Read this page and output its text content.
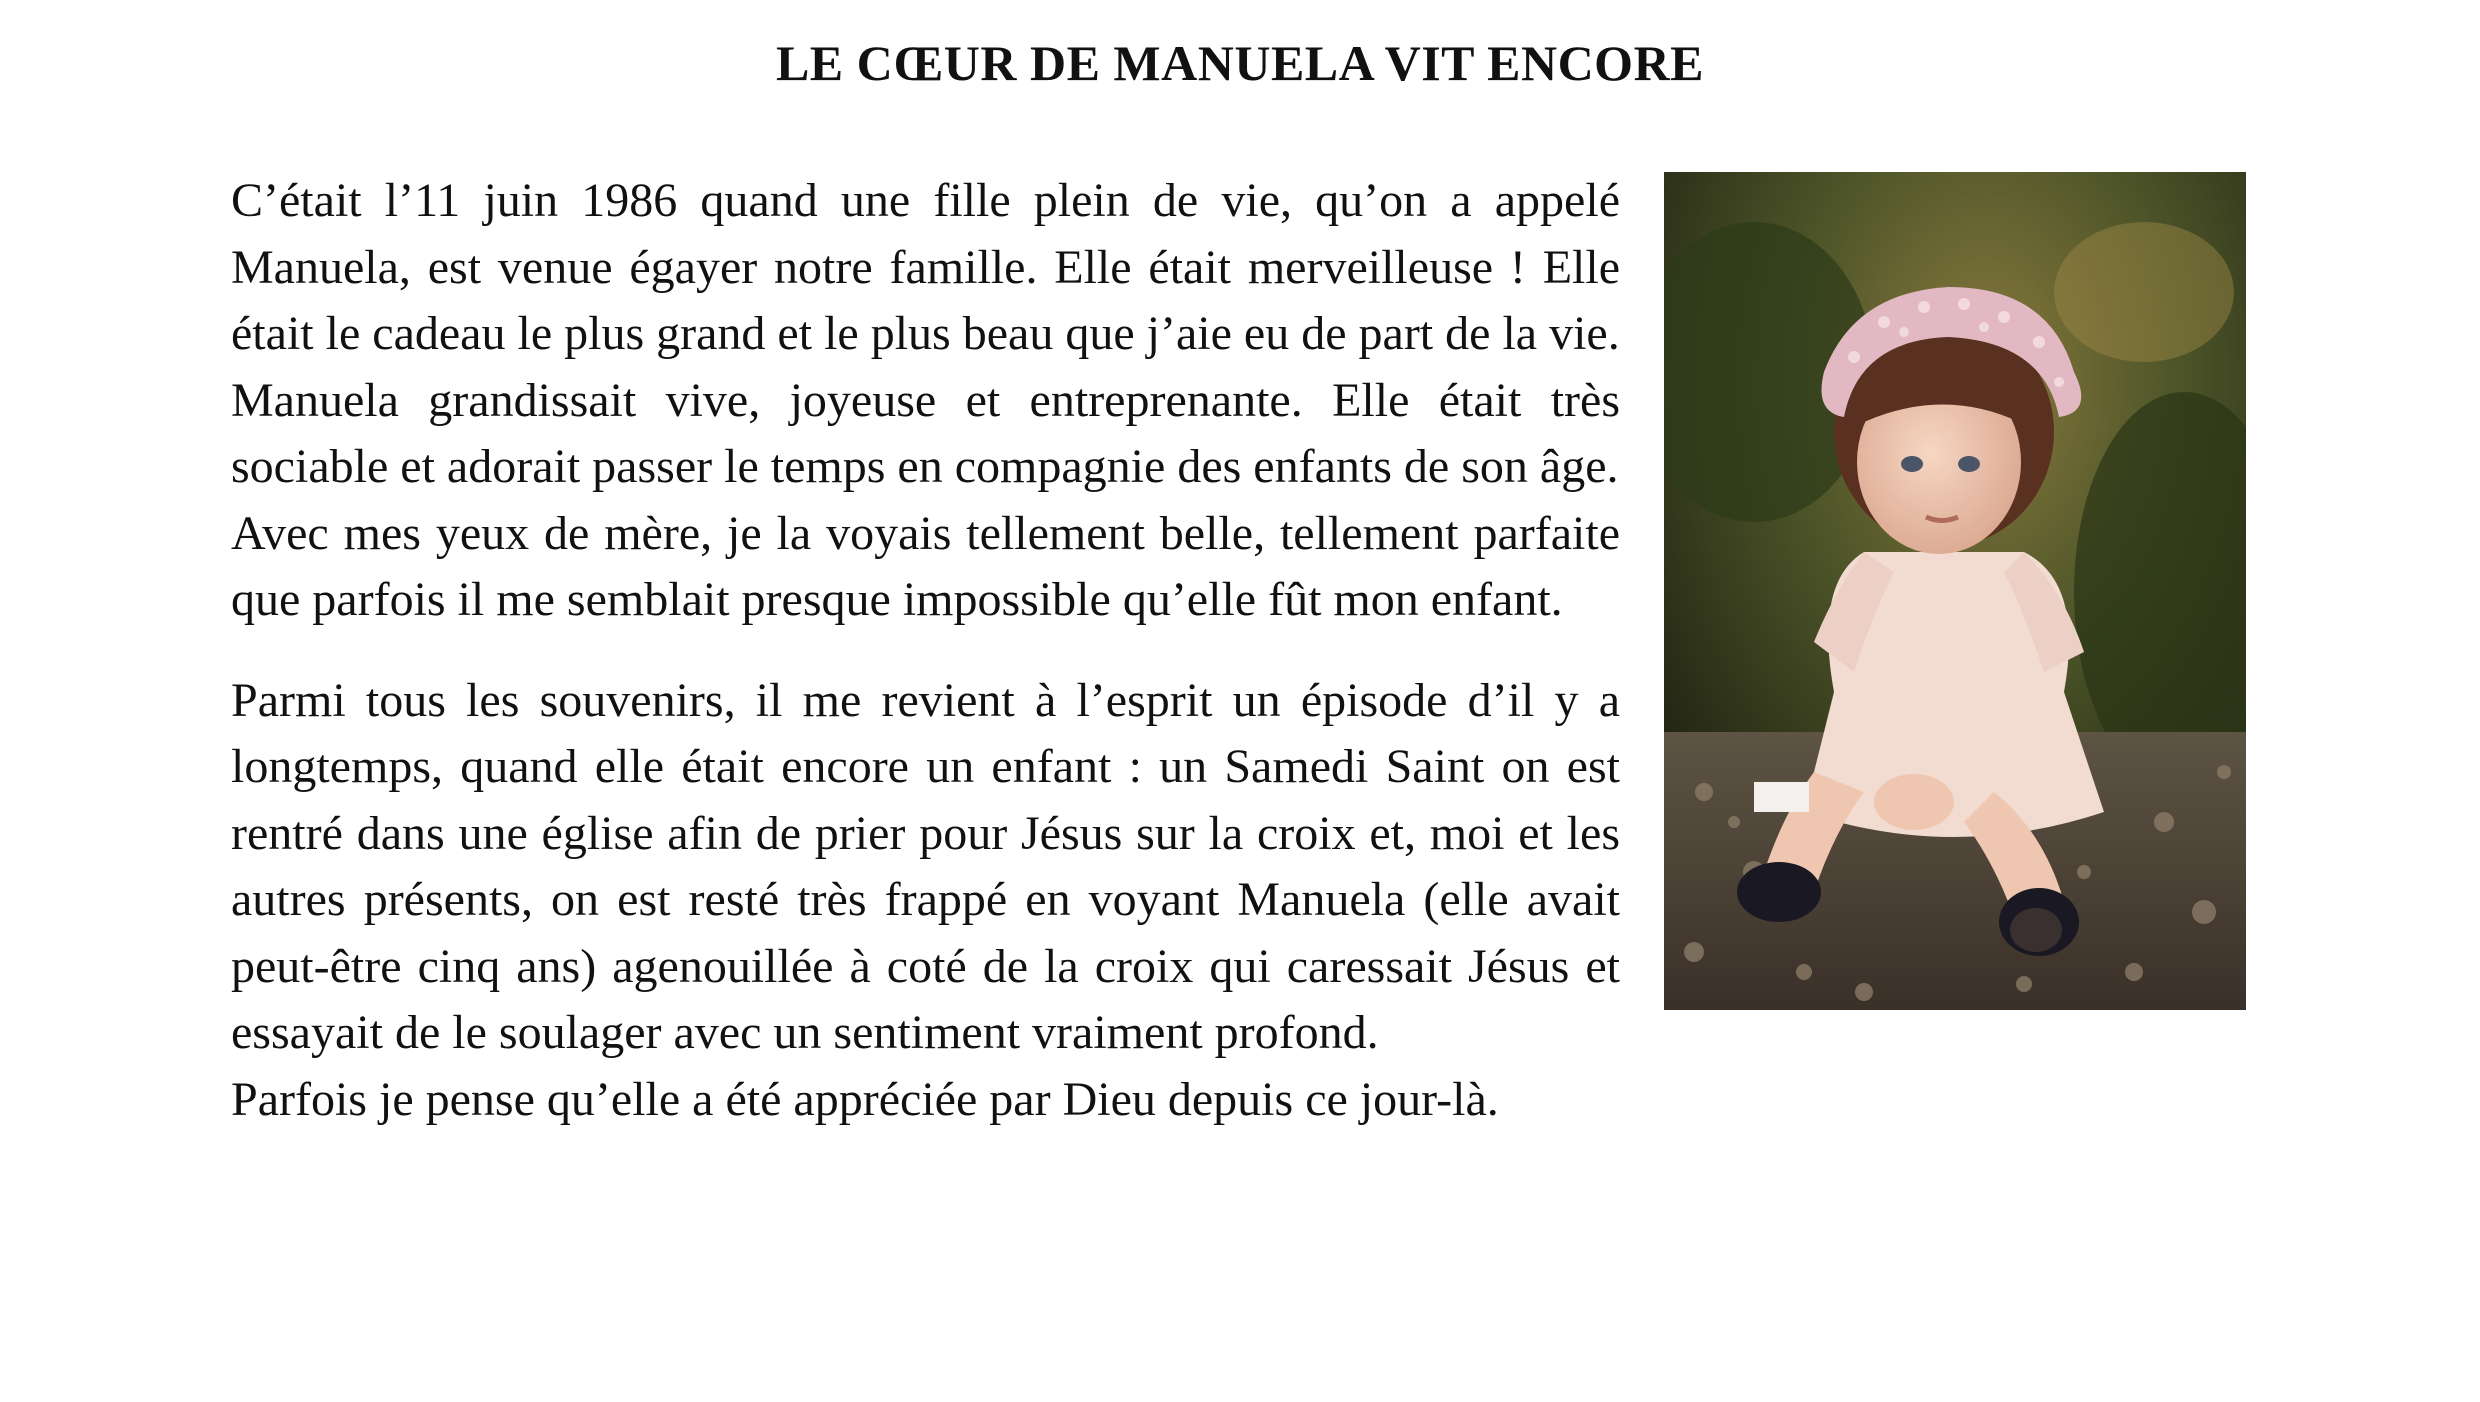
LE CŒUR DE MANUELA VIT ENCORE

C’était l’11 juin 1986 quand une fille plein de vie, qu’on a appelé Manuela, est venue égayer notre famille. Elle était merveilleuse ! Elle était le cadeau le plus grand et le plus beau que j’aie eu de part de la vie.

Manuela grandissait vive, joyeuse et entreprenante. Elle était très sociable et adorait passer le temps en compagnie des enfants de son âge.

Avec mes yeux de mère, je la voyais tellement belle, tellement parfaite que parfois il me semblait presque impossible qu’elle fût mon enfant.

Parmi tous les souvenirs, il me revient à l’esprit un épisode d’il y a longtemps, quand elle était encore un enfant : un Samedi Saint on est rentré dans une église afin de prier pour Jésus sur la croix et, moi et les autres présents, on est resté très frappé en voyant Manuela (elle avait peut-être cinq ans) agenouillée à coté de la croix qui caressait Jésus et essayait de le soulager avec un sentiment vraiment profond.

Parfois je pense qu’elle a été appréciée par Dieu depuis ce jour-là.
